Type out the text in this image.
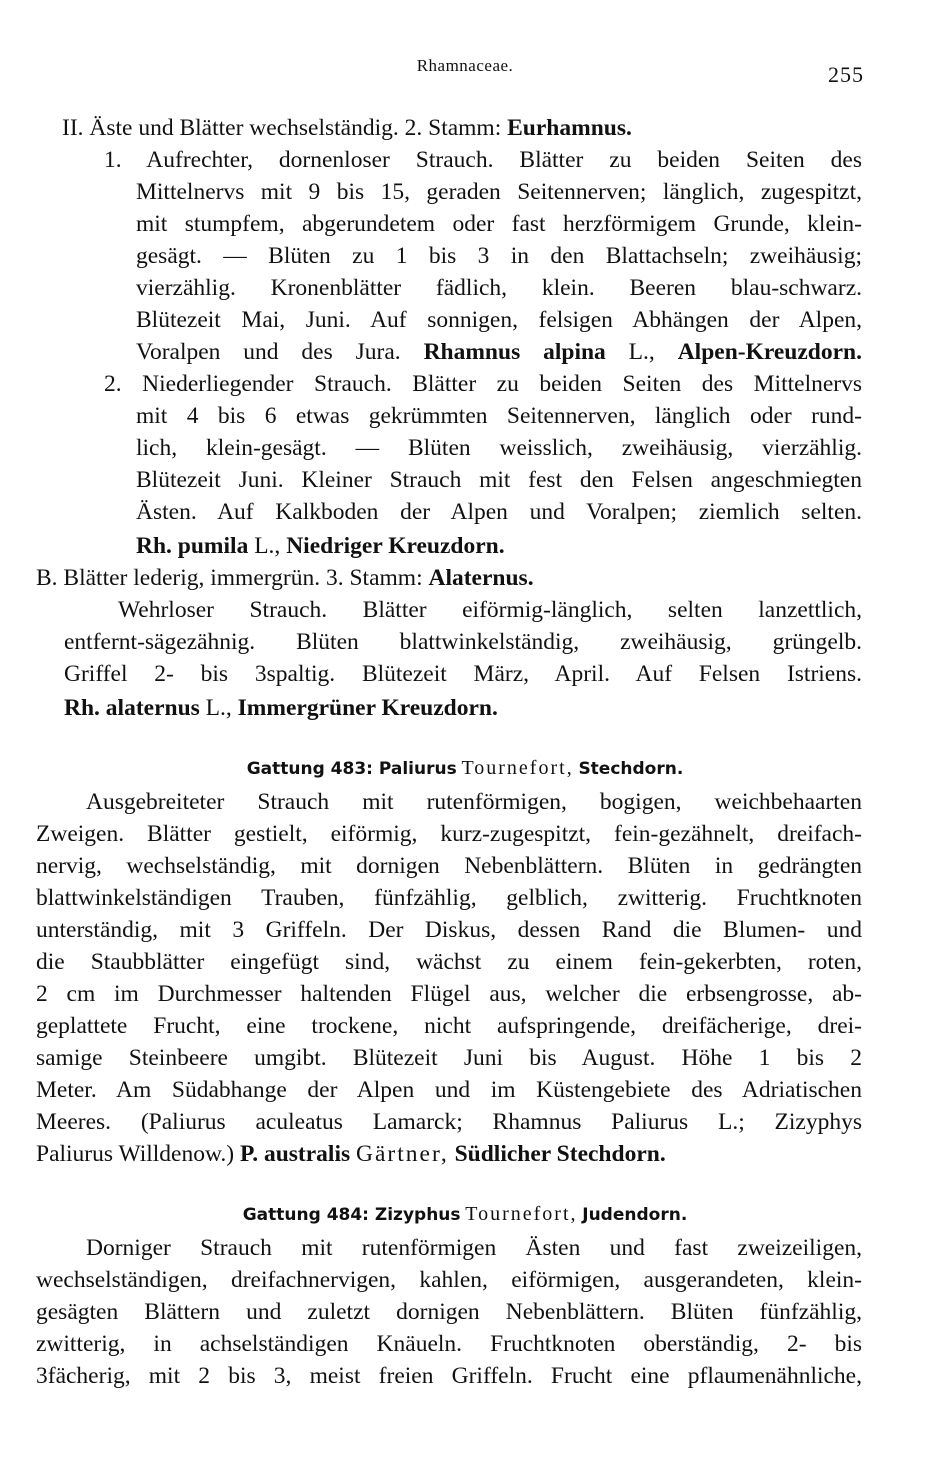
Rhamnaceae.	255
II. Äste und Blätter wechselständig. 2. Stamm: Eurhamnus.
1. Aufrechter, dornenloser Strauch. Blätter zu beiden Seiten des
Mittelnervs mit 9 bis 15, geraden Seitennerven; länglich, zugespitzt,
mit stumpfem, abgerundetem oder fast herzförmigem Grunde, klein-
gesägt. — Blüten zu 1 bis 3 in den Blattachseln; zweihäusig;
vierzählig. Kronenblätter fädlich, klein. Beeren blau-schwarz.
Blütezeit Mai, Juni. Auf sonnigen, felsigen Abhängen der Alpen,
Voralpen und des Jura. Rhamnus alpina L., Alpen-Kreuzdorn.
2. Niederliegender Strauch. Blätter zu beiden Seiten des Mittelnervs
mit 4 bis 6 etwas gekrümmten Seitennerven, länglich oder rund-
lich, klein-gesägt. — Blüten weisslich, zweihäusig, vierzählig.
Blütezeit Juni. Kleiner Strauch mit fest den Felsen angeschmiegten
Ästen. Auf Kalkboden der Alpen und Voralpen; ziemlich selten.
Rh. pumila L., Niedriger Kreuzdorn.
B. Blätter lederig, immergrün. 3. Stamm: Alaternus.
Wehrloser Strauch. Blätter eiförmig-länglich, selten lanzettlich,
entfernt-sägezähnig. Blüten blattwinkelständig, zweihäusig, grüngelb.
Griffel 2- bis 3spaltig. Blütezeit März, April. Auf Felsen Istriens.
Rh. alaternus L., Immergrüner Kreuzdorn.
Gattung 483: Paliurus Tournefort, Stechdorn.
Ausgebreiteter Strauch mit rutenförmigen, bogigen, weichbehaarten
Zweigen. Blätter gestielt, eiförmig, kurz-zugespitzt, fein-gezähnelt, dreifach-
nervig, wechselständig, mit dornigen Nebenblättern. Blüten in gedrängten
blattwinkelständigen Trauben, fünfzählig, gelblich, zwitterig. Fruchtknoten
unterständig, mit 3 Griffeln. Der Diskus, dessen Rand die Blumen- und
die Staubblätter eingefügt sind, wächst zu einem fein-gekerbten, roten,
2 cm im Durchmesser haltenden Flügel aus, welcher die erbsengrosse, ab-
geplattete Frucht, eine trockene, nicht aufspringende, dreifächerige, drei-
samige Steinbeere umgibt. Blütezeit Juni bis August. Höhe 1 bis 2
Meter. Am Südabhange der Alpen und im Küstengebiete des Adriatischen
Meeres. (Paliurus aculeatus Lamarck; Rhamnus Paliurus L.; Zizyphys
Paliurus Willdenow.) P. australis Gärtner, Südlicher Stechdorn.
Gattung 484: Zizyphus Tournefort, Judendorn.
Dorniger Strauch mit rutenförmigen Ästen und fast zweizeiligen,
wechselständigen, dreifachnervigen, kahlen, eiförmigen, ausgerandeten, klein-
gesägten Blättern und zuletzt dornigen Nebenblättern. Blüten fünfzählig,
zwitterig, in achselständigen Knäueln. Fruchtknoten oberständig, 2- bis
3fächerig, mit 2 bis 3, meist freien Griffeln. Frucht eine pflaumenähnliche,
